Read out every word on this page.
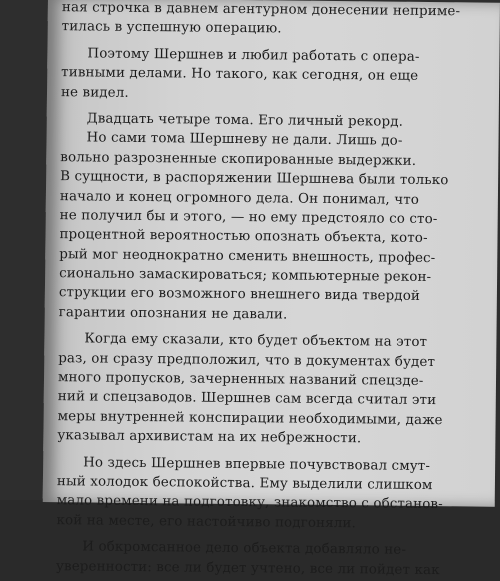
ная строчка в давнем агентурном донесении неприме-
тилась в успешную операцию.
Поэтому Шершнев и любил работать с опера-
тивными делами. Но такого, как сегодня, он еще
не видел.
Двадцать четыре тома. Его личный рекорд.
Но сами тома Шершневу не дали. Лишь до-
вольно разрозненные скопированные выдержки.
В сущности, в распоряжении Шершнева были только
начало и конец огромного дела. Он понимал, что
не получил бы и этого, — но ему предстояло со сто-
процентной вероятностью опознать объекта, кото-
рый мог неоднократно сменить внешность, профес-
сионально замаскироваться; компьютерные рекон-
струкции его возможного внешнего вида твердой
гарантии опознания не давали.
Когда ему сказали, кто будет объектом на этот
раз, он сразу предположил, что в документах будет
много пропусков, зачерненных названий спецзде-
ний и спецзаводов. Шершнев сам всегда считал эти
меры внутренней конспирации необходимыми, даже
указывал архивистам на их небрежности.
Но здесь Шершнев впервые почувствовал смут-
ный холодок беспокойства. Ему выделили слишком
мало времени на подготовку, знакомство с обстанов-
кой на месте, его настойчиво подгоняли.
И обкромсанное дело объекта добавляло не-
уверенности: все ли будет учтено, все ли пойдет как
